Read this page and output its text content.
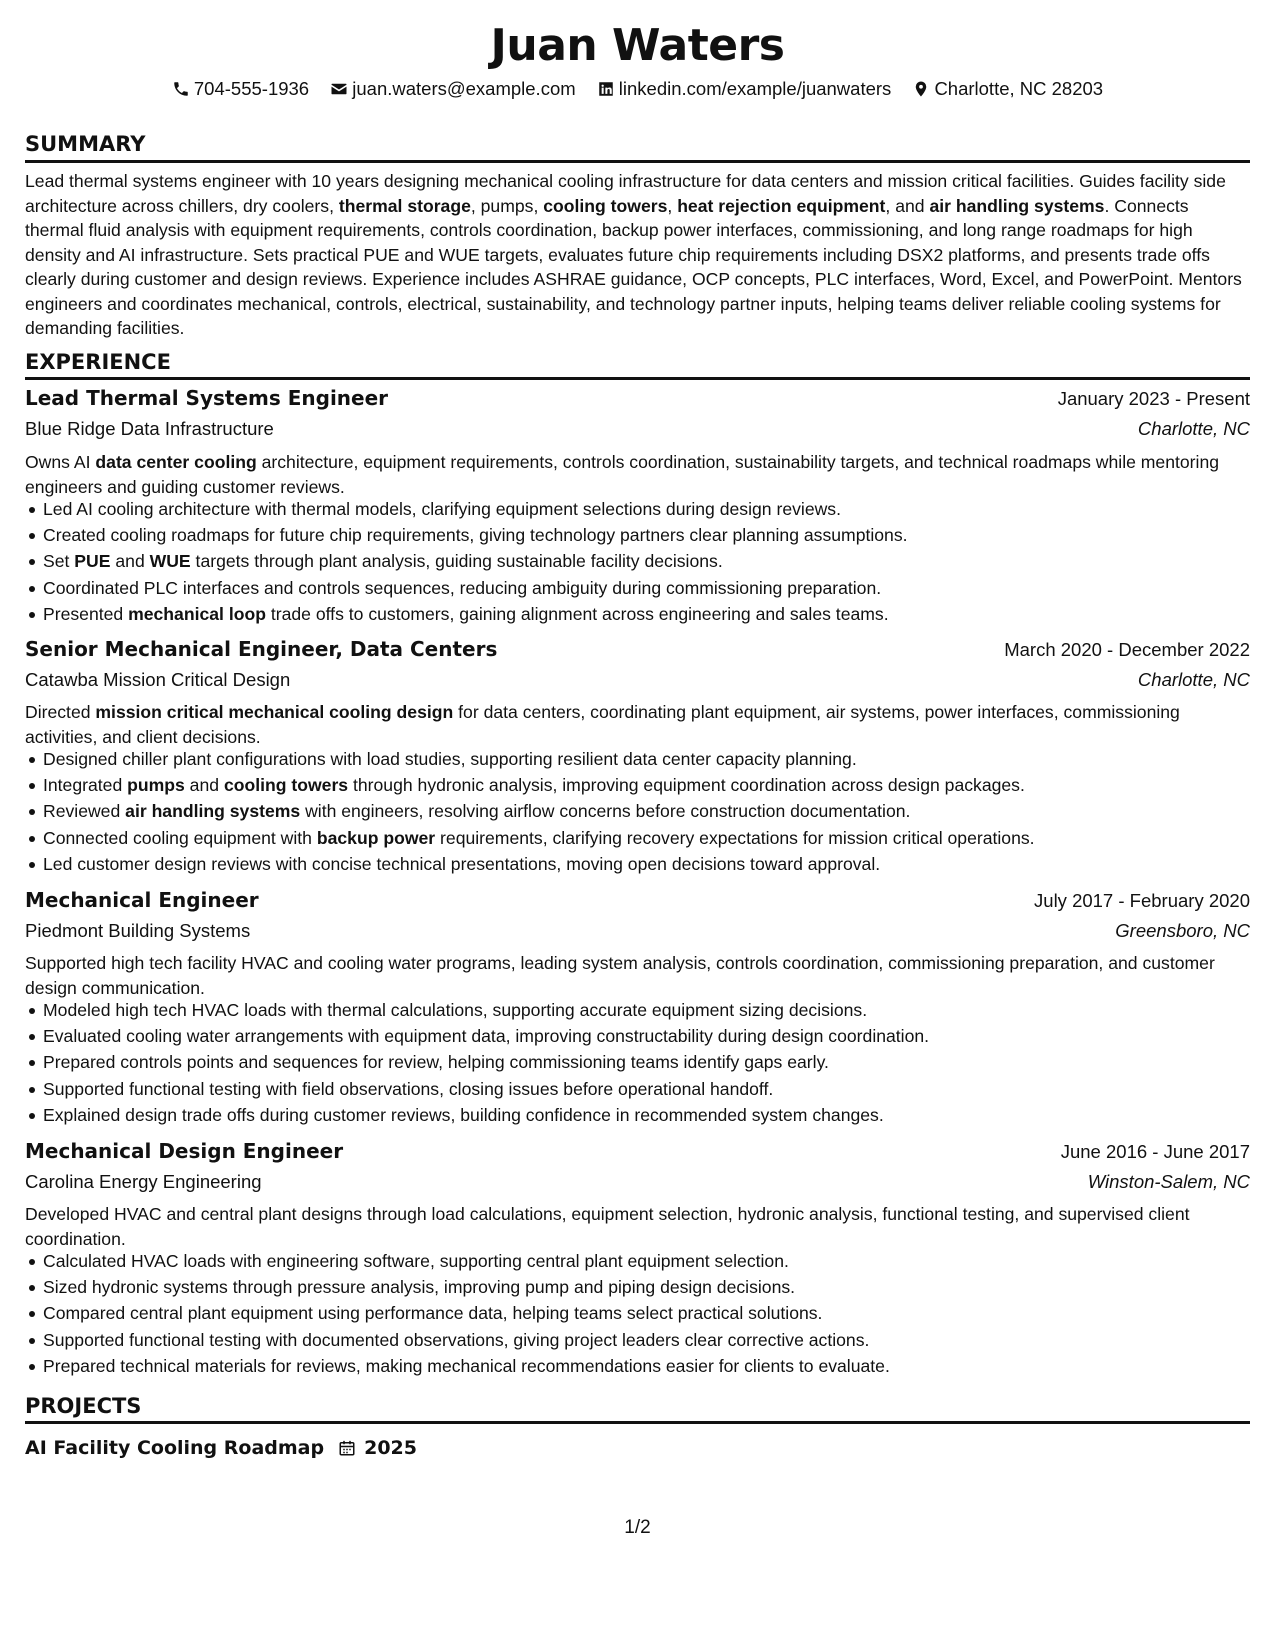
Juan Waters
704-555-1936
juan.waters@example.com
linkedin.com/example/juanwaters
Charlotte, NC 28203
SUMMARY
Lead thermal systems engineer with 10 years designing mechanical cooling infrastructure for data centers and mission critical facilities. Guides facility side architecture across chillers, dry coolers, thermal storage, pumps, cooling towers, heat rejection equipment, and air handling systems. Connects thermal fluid analysis with equipment requirements, controls coordination, backup power interfaces, commissioning, and long range roadmaps for high density and AI infrastructure. Sets practical PUE and WUE targets, evaluates future chip requirements including DSX2 platforms, and presents trade offs clearly during customer and design reviews. Experience includes ASHRAE guidance, OCP concepts, PLC interfaces, Word, Excel, and PowerPoint. Mentors engineers and coordinates mechanical, controls, electrical, sustainability, and technology partner inputs, helping teams deliver reliable cooling systems for demanding facilities.
EXPERIENCE
Lead Thermal Systems Engineer	January 2023 - Present
Blue Ridge Data Infrastructure	Charlotte, NC
Owns AI data center cooling architecture, equipment requirements, controls coordination, sustainability targets, and technical roadmaps while mentoring engineers and guiding customer reviews.
Led AI cooling architecture with thermal models, clarifying equipment selections during design reviews.
Created cooling roadmaps for future chip requirements, giving technology partners clear planning assumptions.
Set PUE and WUE targets through plant analysis, guiding sustainable facility decisions.
Coordinated PLC interfaces and controls sequences, reducing ambiguity during commissioning preparation.
Presented mechanical loop trade offs to customers, gaining alignment across engineering and sales teams.
Senior Mechanical Engineer, Data Centers	March 2020 - December 2022
Catawba Mission Critical Design	Charlotte, NC
Directed mission critical mechanical cooling design for data centers, coordinating plant equipment, air systems, power interfaces, commissioning activities, and client decisions.
Designed chiller plant configurations with load studies, supporting resilient data center capacity planning.
Integrated pumps and cooling towers through hydronic analysis, improving equipment coordination across design packages.
Reviewed air handling systems with engineers, resolving airflow concerns before construction documentation.
Connected cooling equipment with backup power requirements, clarifying recovery expectations for mission critical operations.
Led customer design reviews with concise technical presentations, moving open decisions toward approval.
Mechanical Engineer	July 2017 - February 2020
Piedmont Building Systems	Greensboro, NC
Supported high tech facility HVAC and cooling water programs, leading system analysis, controls coordination, commissioning preparation, and customer design communication.
Modeled high tech HVAC loads with thermal calculations, supporting accurate equipment sizing decisions.
Evaluated cooling water arrangements with equipment data, improving constructability during design coordination.
Prepared controls points and sequences for review, helping commissioning teams identify gaps early.
Supported functional testing with field observations, closing issues before operational handoff.
Explained design trade offs during customer reviews, building confidence in recommended system changes.
Mechanical Design Engineer	June 2016 - June 2017
Carolina Energy Engineering	Winston-Salem, NC
Developed HVAC and central plant designs through load calculations, equipment selection, hydronic analysis, functional testing, and supervised client coordination.
Calculated HVAC loads with engineering software, supporting central plant equipment selection.
Sized hydronic systems through pressure analysis, improving pump and piping design decisions.
Compared central plant equipment using performance data, helping teams select practical solutions.
Supported functional testing with documented observations, giving project leaders clear corrective actions.
Prepared technical materials for reviews, making mechanical recommendations easier for clients to evaluate.
PROJECTS
AI Facility Cooling Roadmap 2025
1/2
